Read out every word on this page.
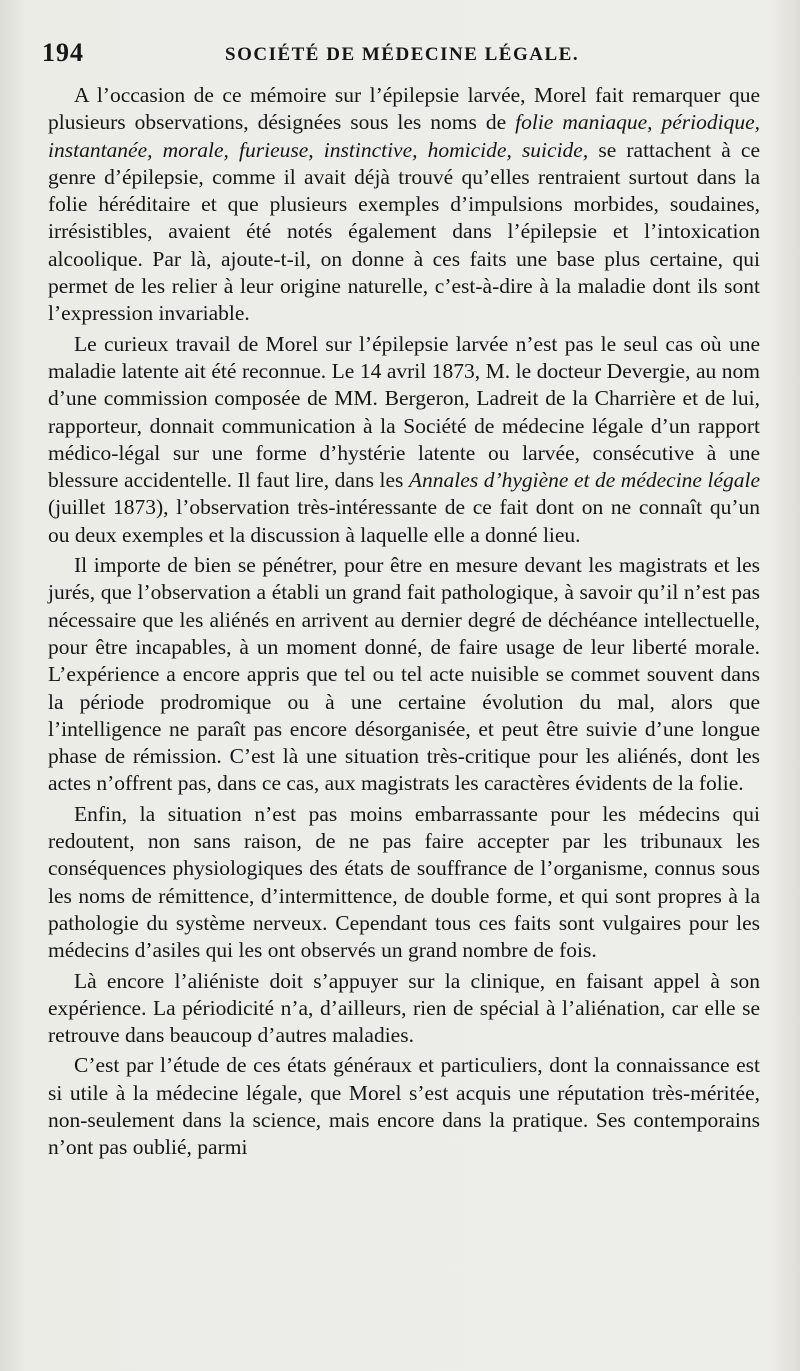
194	SOCIÉTÉ DE MÉDECINE LÉGALE.

A l’occasion de ce mémoire sur l’épilepsie larvée, Morel fait remarquer que plusieurs observations, désignées sous les noms de folie maniaque, périodique, instantanée, morale, furieuse, instinctive, homicide, suicide, se rattachent à ce genre d’épilepsie, comme il avait déjà trouvé qu’elles rentraient surtout dans la folie héréditaire et que plusieurs exemples d’impulsions morbides, soudaines, irrésistibles, avaient été notés également dans l’épilepsie et l’intoxication alcoolique. Par là, ajoute-t-il, on donne à ces faits une base plus certaine, qui permet de les relier à leur origine naturelle, c’est-à-dire à la maladie dont ils sont l’expression invariable.

Le curieux travail de Morel sur l’épilepsie larvée n’est pas le seul cas où une maladie latente ait été reconnue. Le 14 avril 1873, M. le docteur Devergie, au nom d’une commission composée de MM. Bergeron, Ladreit de la Charrière et de lui, rapporteur, donnait communication à la Société de médecine légale d’un rapport médico-légal sur une forme d’hystérie latente ou larvée, consécutive à une blessure accidentelle. Il faut lire, dans les Annales d’hygiène et de médecine légale (juillet 1873), l’observation très-intéressante de ce fait dont on ne connaît qu’un ou deux exemples et la discussion à laquelle elle a donné lieu.

Il importe de bien se pénétrer, pour être en mesure devant les magistrats et les jurés, que l’observation a établi un grand fait pathologique, à savoir qu’il n’est pas nécessaire que les aliénés en arrivent au dernier degré de déchéance intellectuelle, pour être incapables, à un moment donné, de faire usage de leur liberté morale. L’expérience a encore appris que tel ou tel acte nuisible se commet souvent dans la période prodromique ou à une certaine évolution du mal, alors que l’intelligence ne paraît pas encore désorganisée, et peut être suivie d’une longue phase de rémission. C’est là une situation très-critique pour les aliénés, dont les actes n’offrent pas, dans ce cas, aux magistrats les caractères évidents de la folie.

Enfin, la situation n’est pas moins embarrassante pour les médecins qui redoutent, non sans raison, de ne pas faire accepter par les tribunaux les conséquences physiologiques des états de souffrance de l’organisme, connus sous les noms de rémittence, d’intermittence, de double forme, et qui sont propres à la pathologie du système nerveux. Cependant tous ces faits sont vulgaires pour les médecins d’asiles qui les ont observés un grand nombre de fois.

Là encore l’aliéniste doit s’appuyer sur la clinique, en faisant appel à son expérience. La périodicité n’a, d’ailleurs, rien de spécial à l’aliénation, car elle se retrouve dans beaucoup d’autres maladies.

C’est par l’étude de ces états généraux et particuliers, dont la connaissance est si utile à la médecine légale, que Morel s’est acquis une réputation très-méritée, non-seulement dans la science, mais encore dans la pratique. Ses contemporains n’ont pas oublié, parmi
